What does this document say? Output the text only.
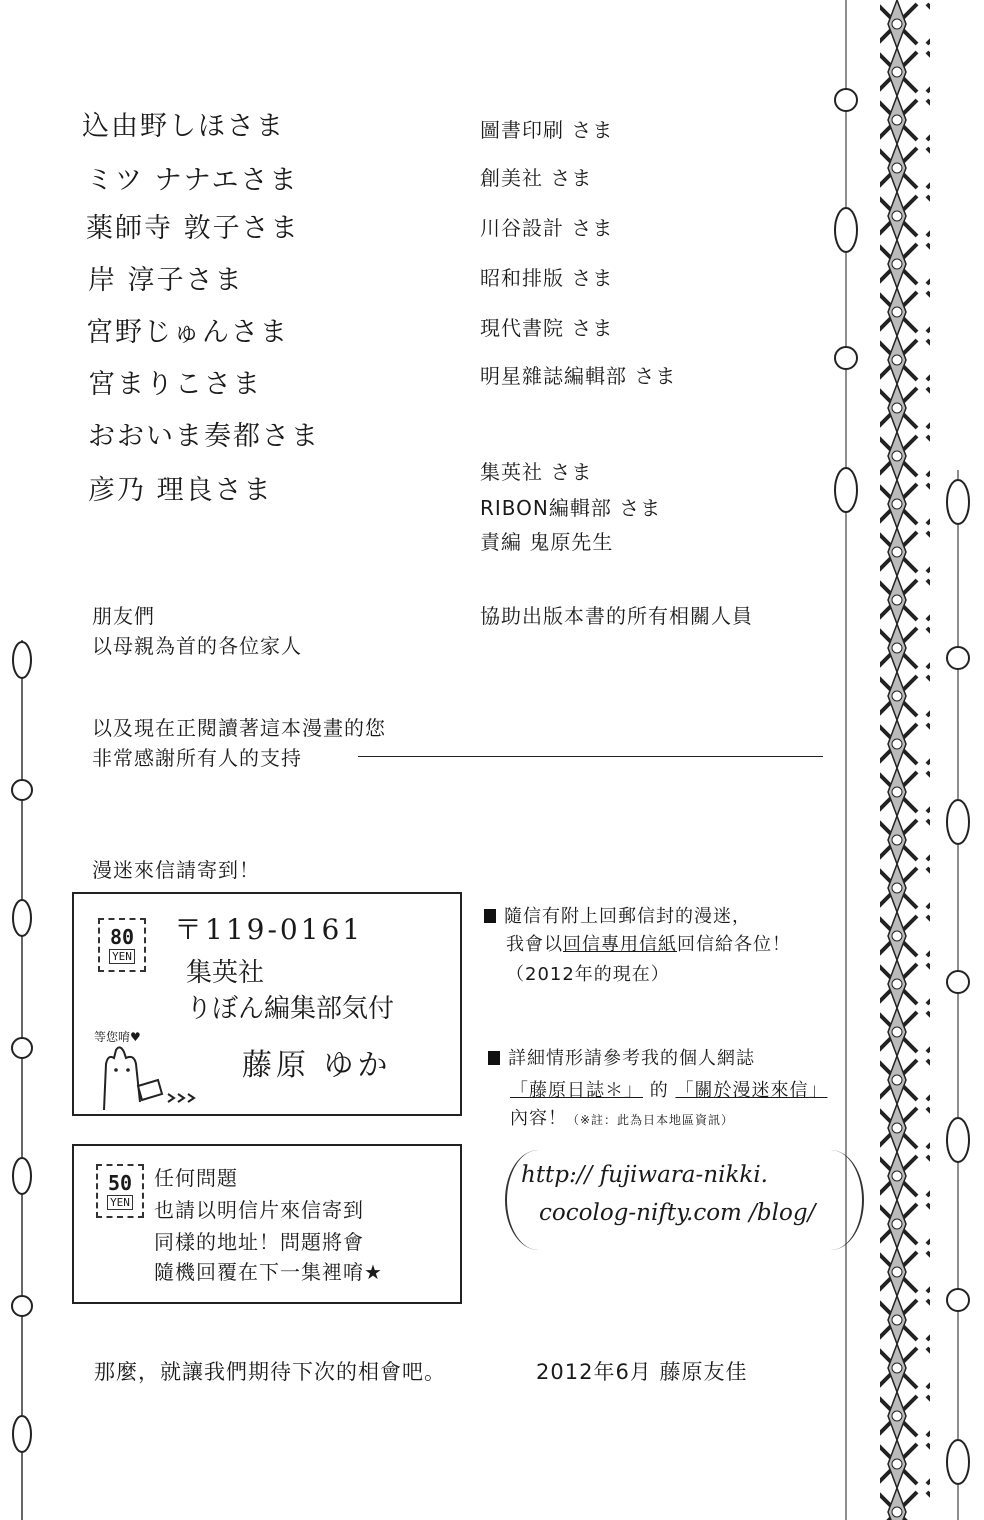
込由野しほさま
ミツ ナナエさま
薬師寺 敦子さま
岸 淳子さま
宮野じゅんさま
宮まりこさま
おおいま奏都さま
彦乃 理良さま
圖書印刷 さま
創美社 さま
川谷設計 さま
昭和排版 さま
現代書院 さま
明星雜誌編輯部 さま
集英社 さま
RIBON編輯部 さま
責編 鬼原先生
朋友們
以母親為首的各位家人
協助出版本書的所有相關人員
以及現在正閱讀著這本漫畫的您
非常感謝所有人的支持
漫迷來信請寄到！
80
YEN
〒119-0161
集英社
りぼん編集部気付
藤原 ゆか
等您唷♥
50
YEN
任何問題
也請以明信片來信寄到
同樣的地址！問題將會
隨機回覆在下一集裡唷★
隨信有附上回郵信封的漫迷，
我會以回信專用信紙回信給各位！
（2012年的現在）
詳細情形請參考我的個人網誌
「藤原日誌＊」 的 「關於漫迷來信」
內容！（※註：此為日本地區資訊）
http:// fujiwara-nikki.
cocolog-nifty.com /blog/
那麼，就讓我們期待下次的相會吧。	2012年6月 藤原友佳
